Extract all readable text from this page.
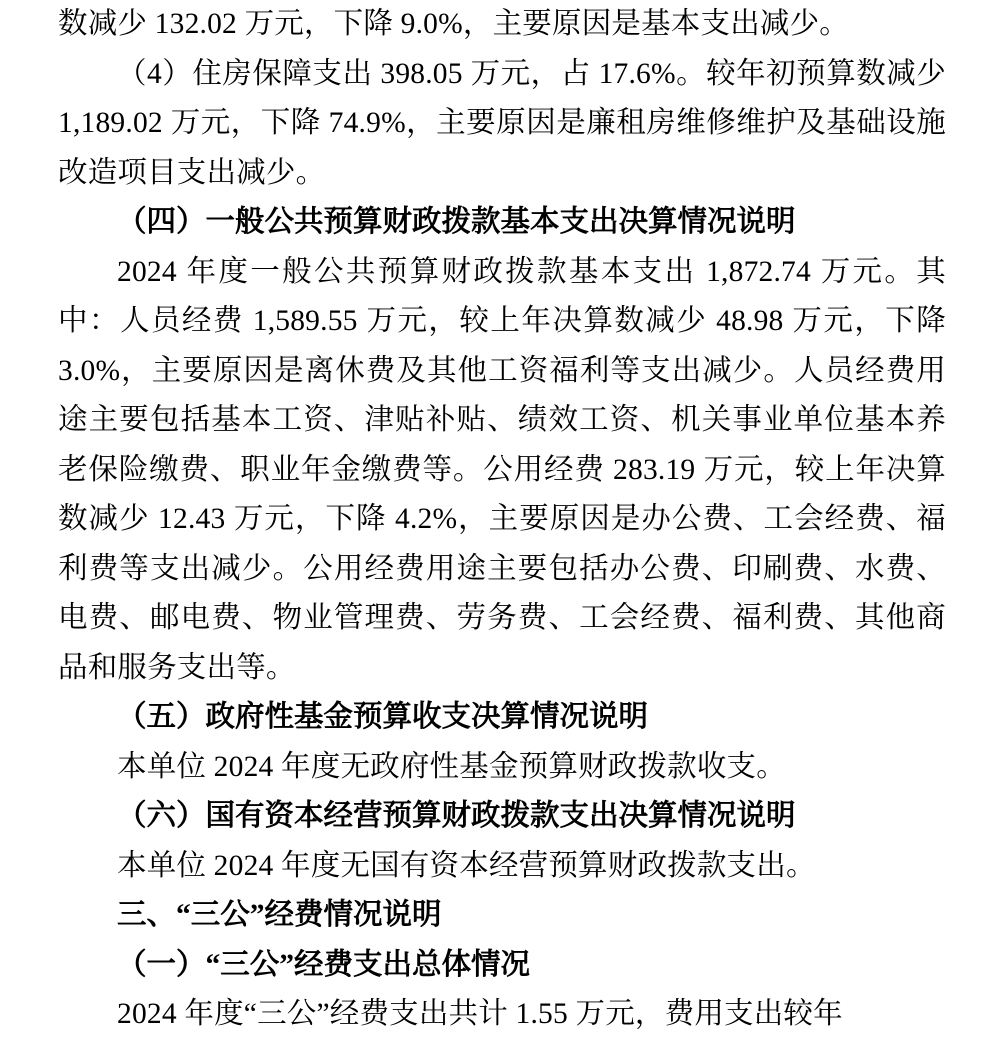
数减少 132.02 万元，下降 9.0%，主要原因是基本支出减少。

（4）住房保障支出 398.05 万元，占 17.6%。较年初预算数减少 1,189.02 万元，下降 74.9%，主要原因是廉租房维修维护及基础设施改造项目支出减少。

（四）一般公共预算财政拨款基本支出决算情况说明

2024 年度一般公共预算财政拨款基本支出 1,872.74 万元。其中：人员经费 1,589.55 万元，较上年决算数减少 48.98 万元，下降 3.0%，主要原因是离休费及其他工资福利等支出减少。人员经费用途主要包括基本工资、津贴补贴、绩效工资、机关事业单位基本养老保险缴费、职业年金缴费等。公用经费 283.19 万元，较上年决算数减少 12.43 万元，下降 4.2%，主要原因是办公费、工会经费、福利费等支出减少。公用经费用途主要包括办公费、印刷费、水费、电费、邮电费、物业管理费、劳务费、工会经费、福利费、其他商品和服务支出等。

（五）政府性基金预算收支决算情况说明

本单位 2024 年度无政府性基金预算财政拨款收支。

（六）国有资本经营预算财政拨款支出决算情况说明

本单位 2024 年度无国有资本经营预算财政拨款支出。

三、“三公”经费情况说明

（一）“三公”经费支出总体情况

2024 年度“三公”经费支出共计 1.55 万元，费用支出较年
